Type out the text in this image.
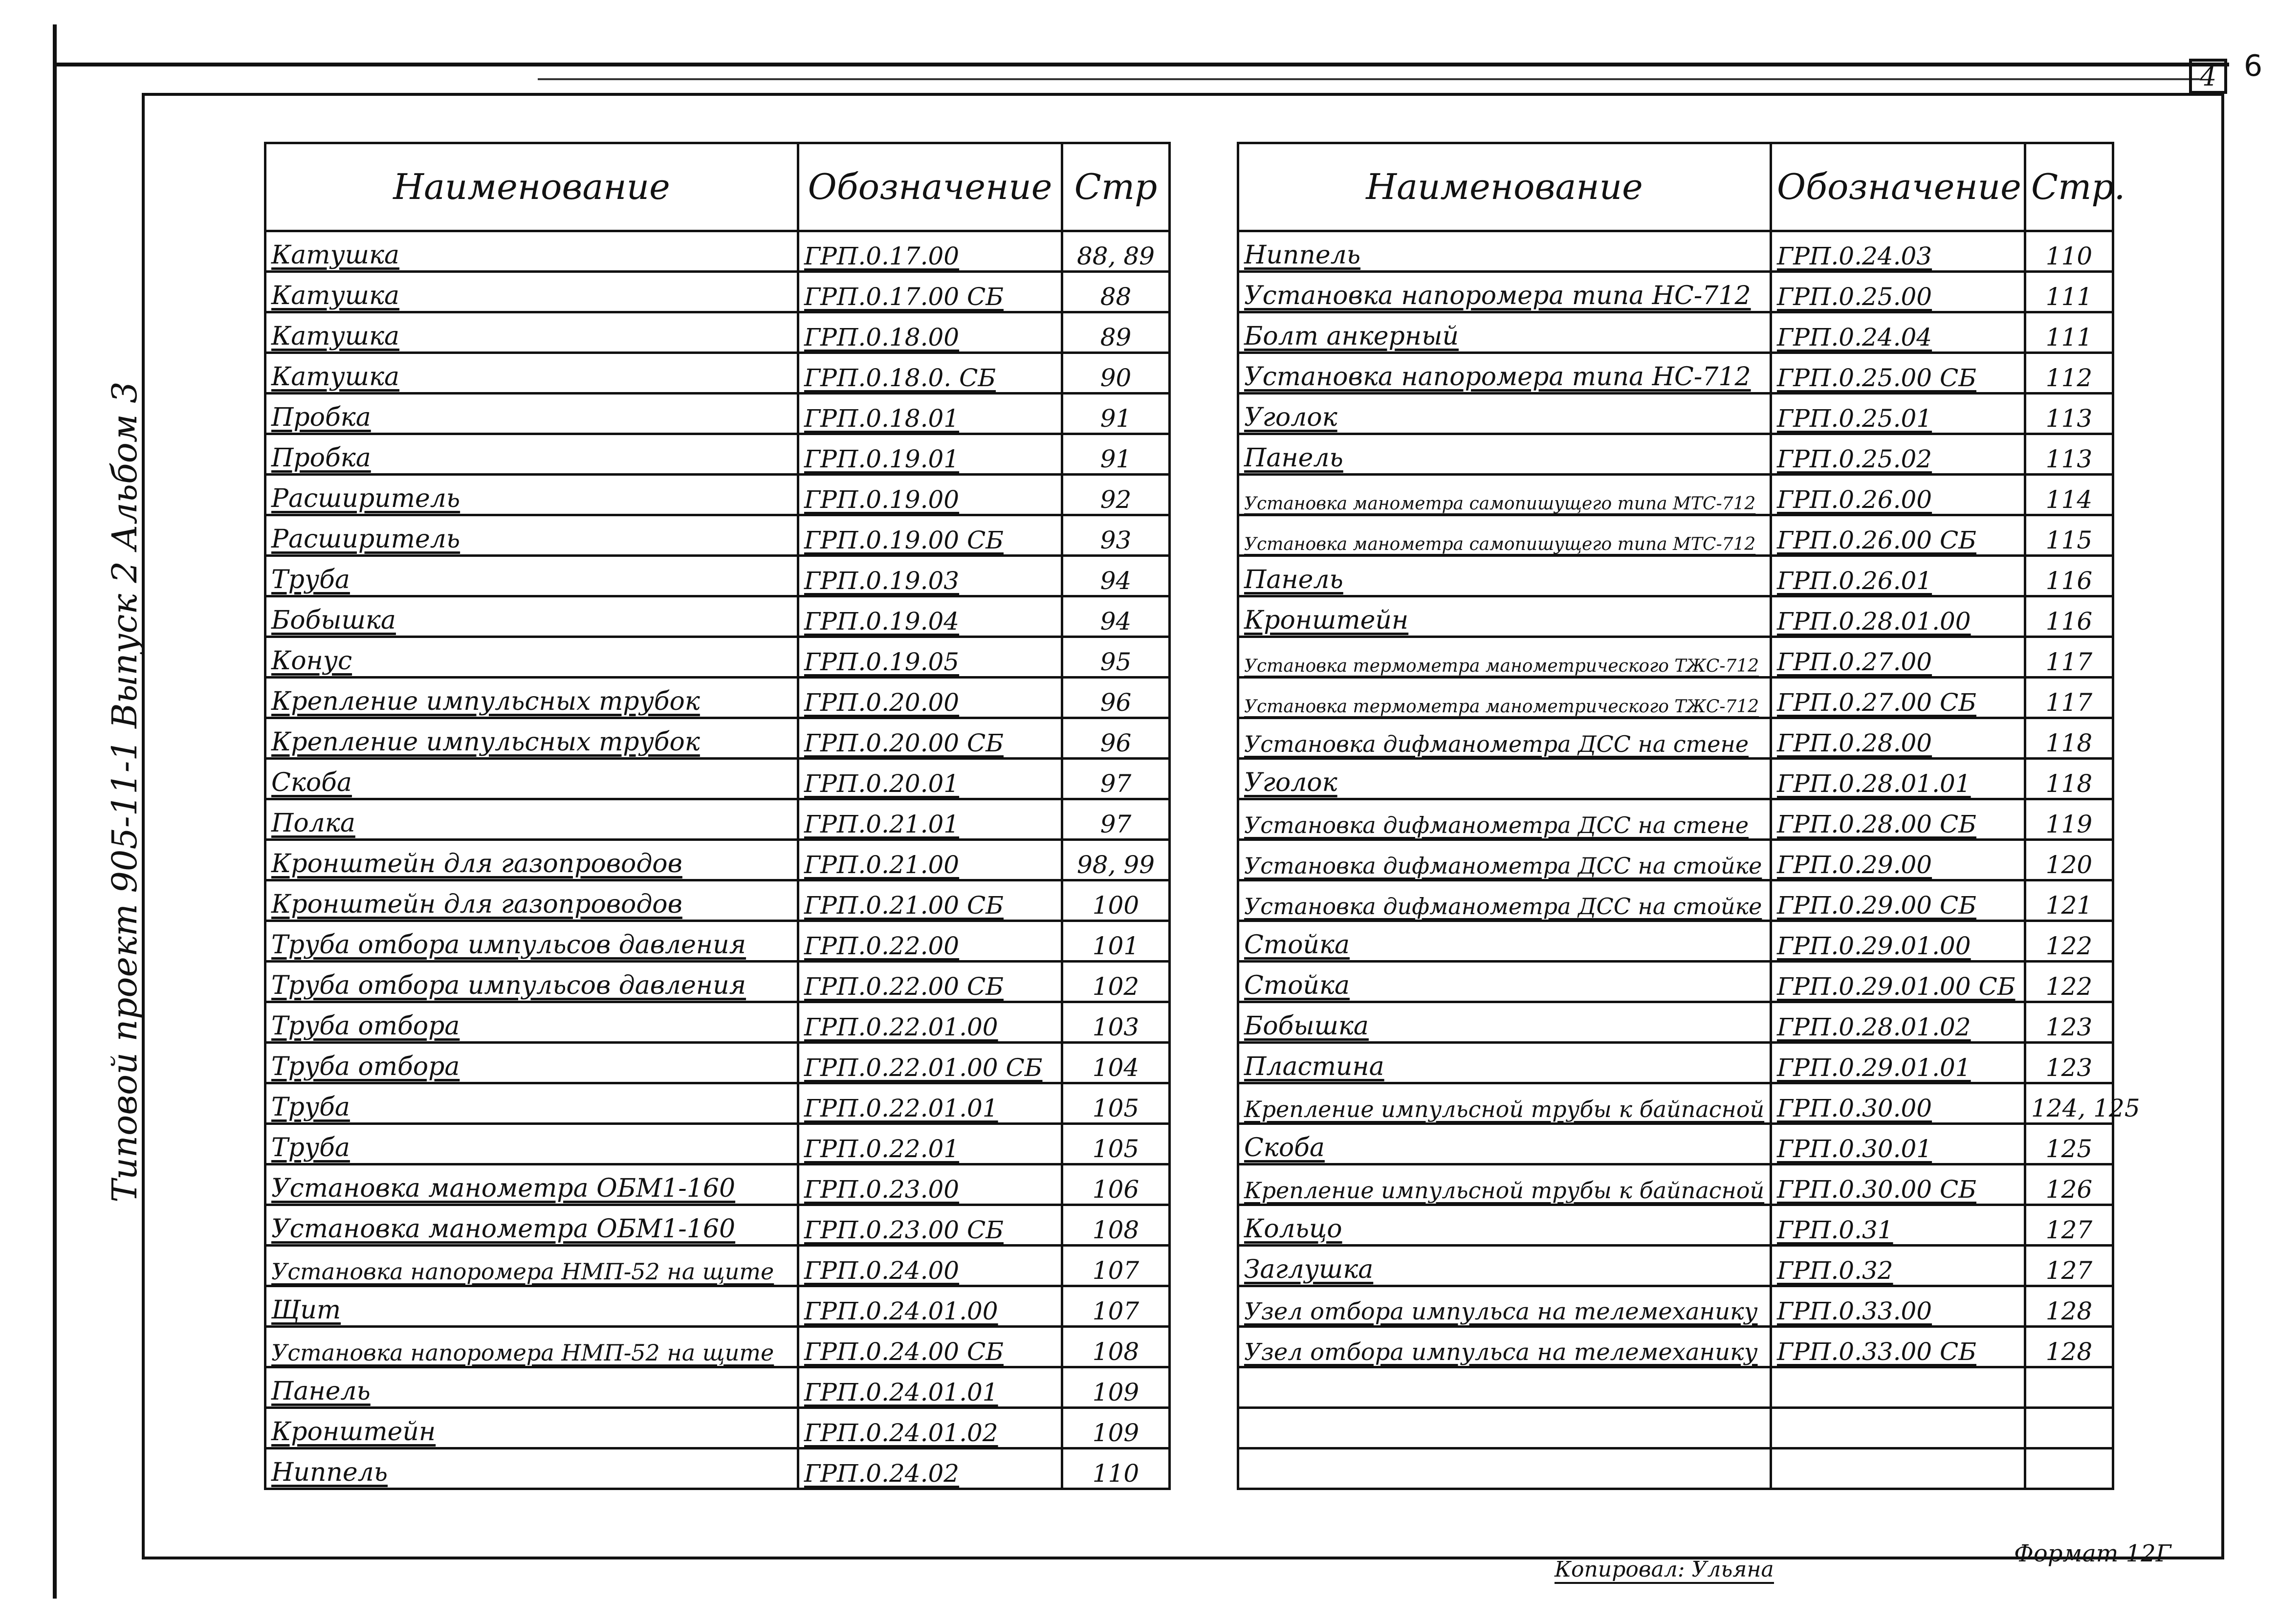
4 6
Типовой проект 905-11-1 Выпуск 2 Альбом 3
Наименование	Обозначение	Стр
Катушка	ГРП.0.17.00	88, 89
Катушка	ГРП.0.17.00 СБ	88
Катушка	ГРП.0.18.00	89
Катушка	ГРП.0.18.0. СБ	90
Пробка	ГРП.0.18.01	91
Пробка	ГРП.0.19.01	91
Расширитель	ГРП.0.19.00	92
Расширитель	ГРП.0.19.00 СБ	93
Труба	ГРП.0.19.03	94
Бобышка	ГРП.0.19.04	94
Конус	ГРП.0.19.05	95
Крепление импульсных трубок	ГРП.0.20.00	96
Крепление импульсных трубок	ГРП.0.20.00 СБ	96
Скоба	ГРП.0.20.01	97
Полка	ГРП.0.21.01	97
Кронштейн для газопроводов	ГРП.0.21.00	98, 99
Кронштейн для газопроводов	ГРП.0.21.00 СБ	100
Труба отбора импульсов давления	ГРП.0.22.00	101
Труба отбора импульсов давления	ГРП.0.22.00 СБ	102
Труба отбора	ГРП.0.22.01.00	103
Труба отбора	ГРП.0.22.01.00 СБ	104
Труба	ГРП.0.22.01.01	105
Труба	ГРП.0.22.01	105
Установка манометра ОБМ1-160	ГРП.0.23.00	106
Установка манометра ОБМ1-160	ГРП.0.23.00 СБ	108
Установка напоромера НМП-52 на щите	ГРП.0.24.00	107
Щит	ГРП.0.24.01.00	107
Установка напоромера НМП-52 на щите	ГРП.0.24.00 СБ	108
Панель	ГРП.0.24.01.01	109
Кронштейн	ГРП.0.24.01.02	109
Ниппель	ГРП.0.24.02	110
Наименование	Обозначение	Стр.
Ниппель	ГРП.0.24.03	110
Установка напоромера типа НС-712	ГРП.0.25.00	111
Болт анкерный	ГРП.0.24.04	111
Установка напоромера типа НС-712	ГРП.0.25.00 СБ	112
Уголок	ГРП.0.25.01	113
Панель	ГРП.0.25.02	113
Установка манометра самопишущего типа МТС-712	ГРП.0.26.00	114
Установка манометра самопишущего типа МТС-712	ГРП.0.26.00 СБ	115
Панель	ГРП.0.26.01	116
Кронштейн	ГРП.0.28.01.00	116
Установка термометра манометрического ТЖС-712	ГРП.0.27.00	117
Установка термометра манометрического ТЖС-712	ГРП.0.27.00 СБ	117
Установка дифманометра ДСС на стене	ГРП.0.28.00	118
Уголок	ГРП.0.28.01.01	118
Установка дифманометра ДСС на стене	ГРП.0.28.00 СБ	119
Установка дифманометра ДСС на стойке	ГРП.0.29.00	120
Установка дифманометра ДСС на стойке	ГРП.0.29.00 СБ	121
Стойка	ГРП.0.29.01.00	122
Стойка	ГРП.0.29.01.00 СБ	122
Бобышка	ГРП.0.28.01.02	123
Пластина	ГРП.0.29.01.01	123
Крепление импульсной трубы к байпасной	ГРП.0.30.00	124, 125
Скоба	ГРП.0.30.01	125
Крепление импульсной трубы к байпасной	ГРП.0.30.00 СБ	126
Кольцо	ГРП.0.31	127
Заглушка	ГРП.0.32	127
Узел отбора импульса на телемеханику	ГРП.0.33.00	128
Узел отбора импульса на телемеханику	ГРП.0.33.00 СБ	128

Копировал: Ульяна
Формат 12Г
